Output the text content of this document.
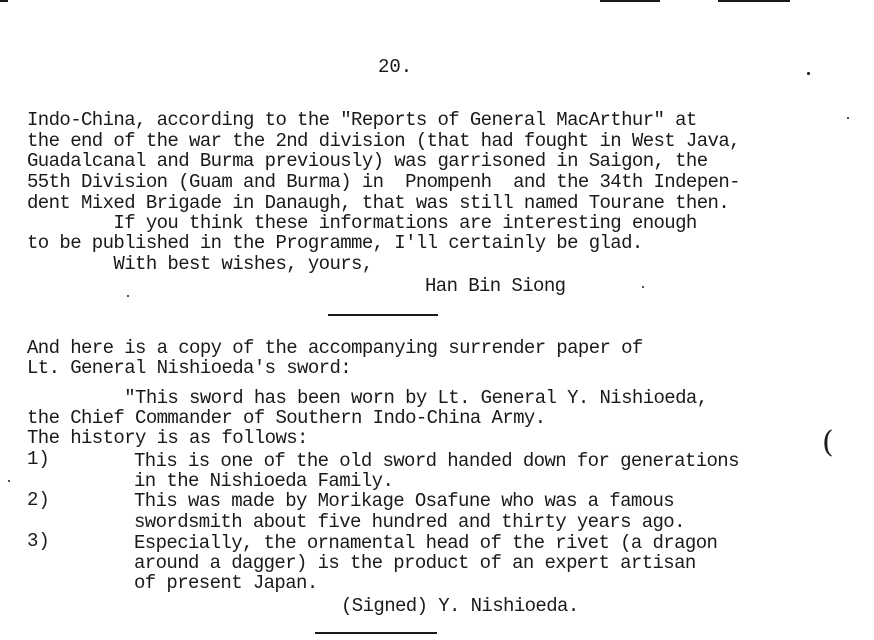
20.
Indo-China, according to the "Reports of General MacArthur" at
the end of the war the 2nd division (that had fought in West Java,
Guadalcanal and Burma previously) was garrisoned in Saigon, the
55th Division (Guam and Burma) in  Pnompenh  and the 34th Indepen-
dent Mixed Brigade in Danaugh, that was still named Tourane then.
If you think these informations are interesting enough
to be published in the Programme, I'll certainly be glad.
With best wishes, yours,
Han Bin Siong
And here is a copy of the accompanying surrender paper of
Lt. General Nishioeda's sword:
"This sword has been worn by Lt. General Y. Nishioeda,
the Chief Commander of Southern Indo-China Army.
The history is as follows:
1)	This is one of the old sword handed down for generations
in the Nishioeda Family.
2)	This was made by Morikage Osafune who was a famous
swordsmith about five hundred and thirty years ago.
3)	Especially, the ornamental head of the rivet (a dragon
around a dagger) is the product of an expert artisan
of present Japan.
(Signed) Y. Nishioeda.
(
